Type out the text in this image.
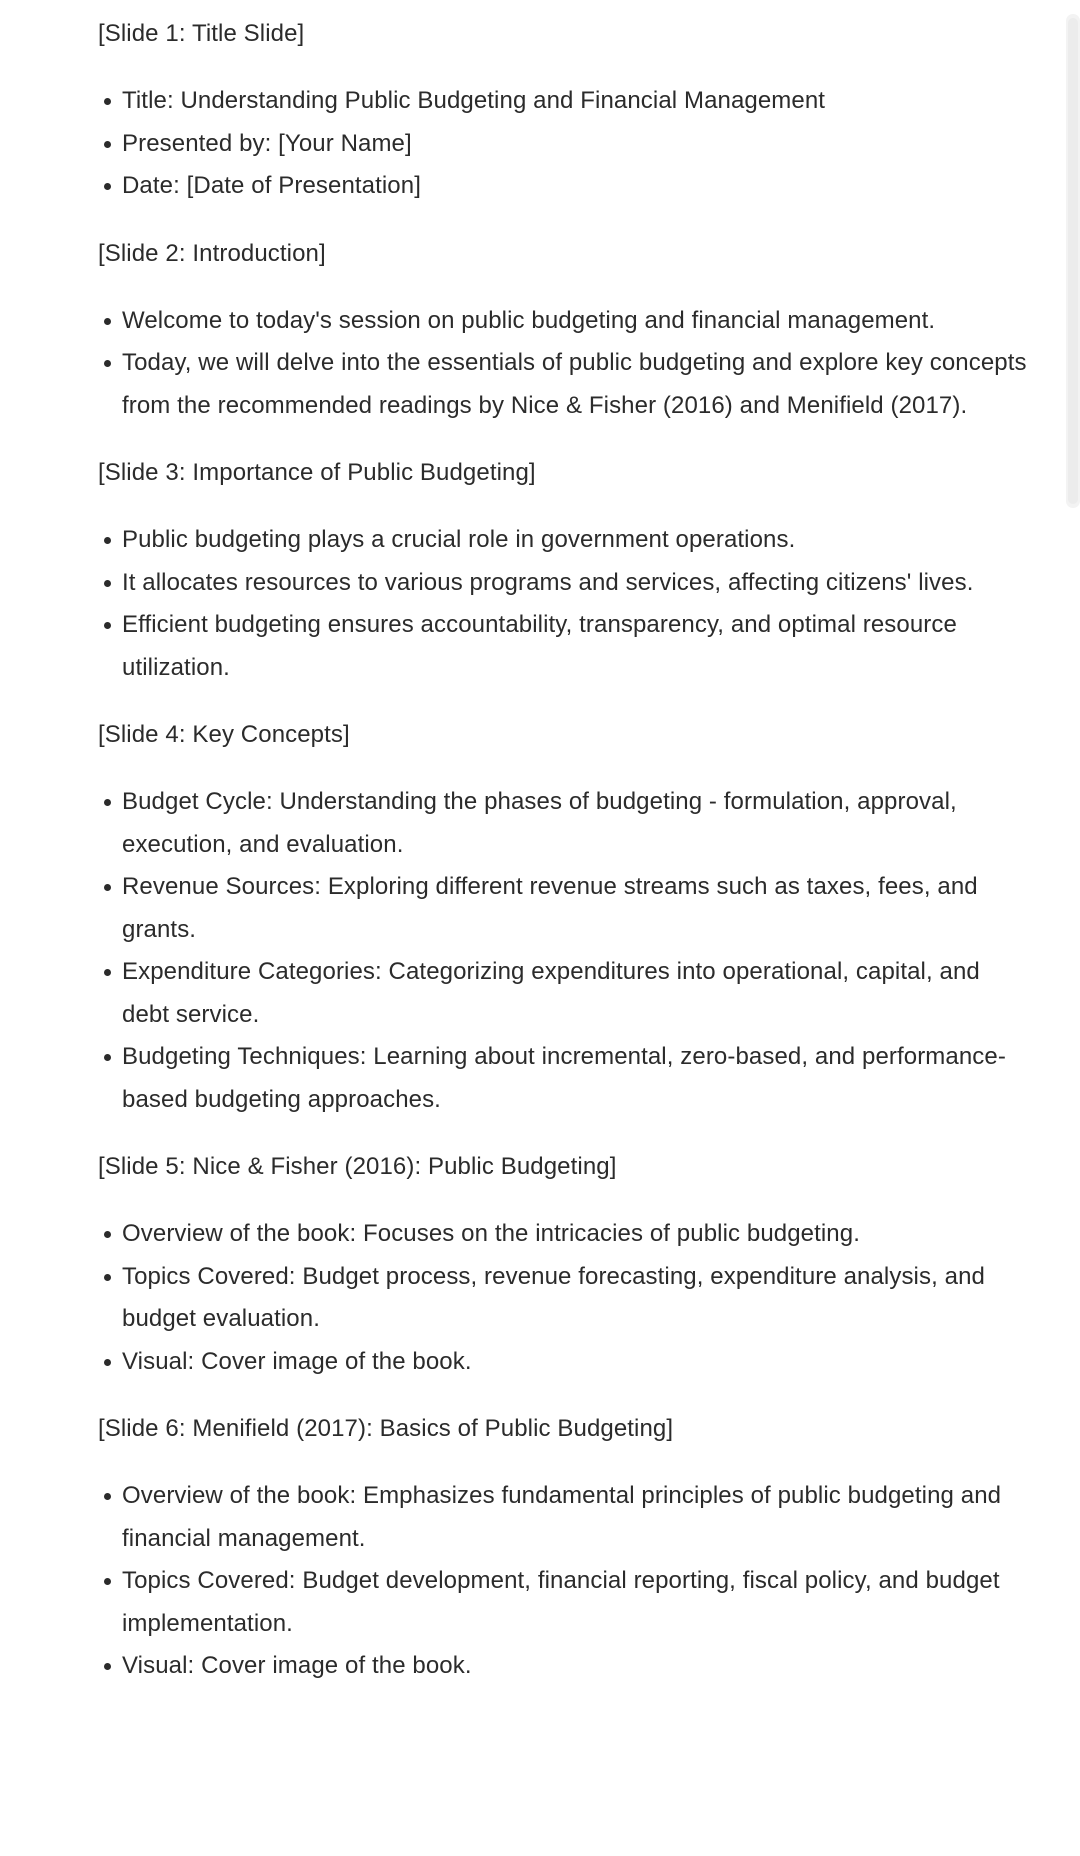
[Slide 1: Title Slide]
Title: Understanding Public Budgeting and Financial Management
Presented by: [Your Name]
Date: [Date of Presentation]
[Slide 2: Introduction]
Welcome to today's session on public budgeting and financial management.
Today, we will delve into the essentials of public budgeting and explore key concepts from the recommended readings by Nice & Fisher (2016) and Menifield (2017).
[Slide 3: Importance of Public Budgeting]
Public budgeting plays a crucial role in government operations.
It allocates resources to various programs and services, affecting citizens' lives.
Efficient budgeting ensures accountability, transparency, and optimal resource utilization.
[Slide 4: Key Concepts]
Budget Cycle: Understanding the phases of budgeting - formulation, approval, execution, and evaluation.
Revenue Sources: Exploring different revenue streams such as taxes, fees, and grants.
Expenditure Categories: Categorizing expenditures into operational, capital, and debt service.
Budgeting Techniques: Learning about incremental, zero-based, and performance-based budgeting approaches.
[Slide 5: Nice & Fisher (2016): Public Budgeting]
Overview of the book: Focuses on the intricacies of public budgeting.
Topics Covered: Budget process, revenue forecasting, expenditure analysis, and budget evaluation.
Visual: Cover image of the book.
[Slide 6: Menifield (2017): Basics of Public Budgeting]
Overview of the book: Emphasizes fundamental principles of public budgeting and financial management.
Topics Covered: Budget development, financial reporting, fiscal policy, and budget implementation.
Visual: Cover image of the book.
